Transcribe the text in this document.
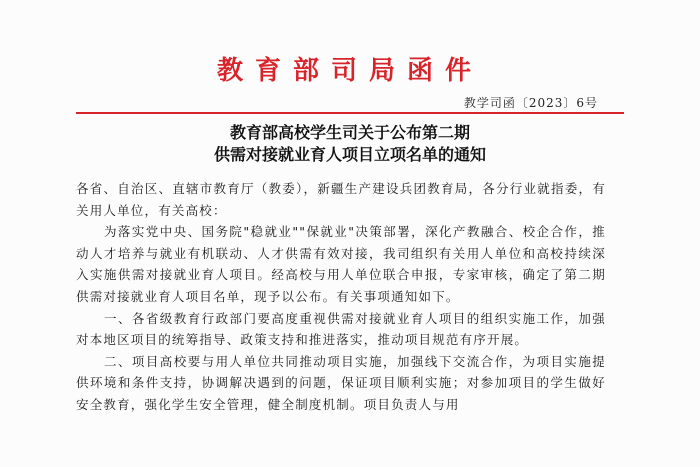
教育部司局函件
教学司函〔2023〕6号
教育部高校学生司关于公布第二期
供需对接就业育人项目立项名单的通知

各省、自治区、直辖市教育厅（教委），新疆生产建设兵团教育局，各分行业就指委，有关用人单位，有关高校：

为落实党中央、国务院"稳就业""保就业"决策部署，深化产教融合、校企合作，推动人才培养与就业有机联动、人才供需有效对接，我司组织有关用人单位和高校持续深入实施供需对接就业育人项目。经高校与用人单位联合申报，专家审核，确定了第二期供需对接就业育人项目名单，现予以公布。有关事项通知如下。

一、各省级教育行政部门要高度重视供需对接就业育人项目的组织实施工作，加强对本地区项目的统筹指导、政策支持和推进落实，推动项目规范有序开展。

二、项目高校要与用人单位共同推动项目实施，加强线下交流合作，为项目实施提供环境和条件支持，协调解决遇到的问题，保证项目顺利实施；对参加项目的学生做好安全教育，强化学生安全管理，健全制度机制。项目负责人与用
